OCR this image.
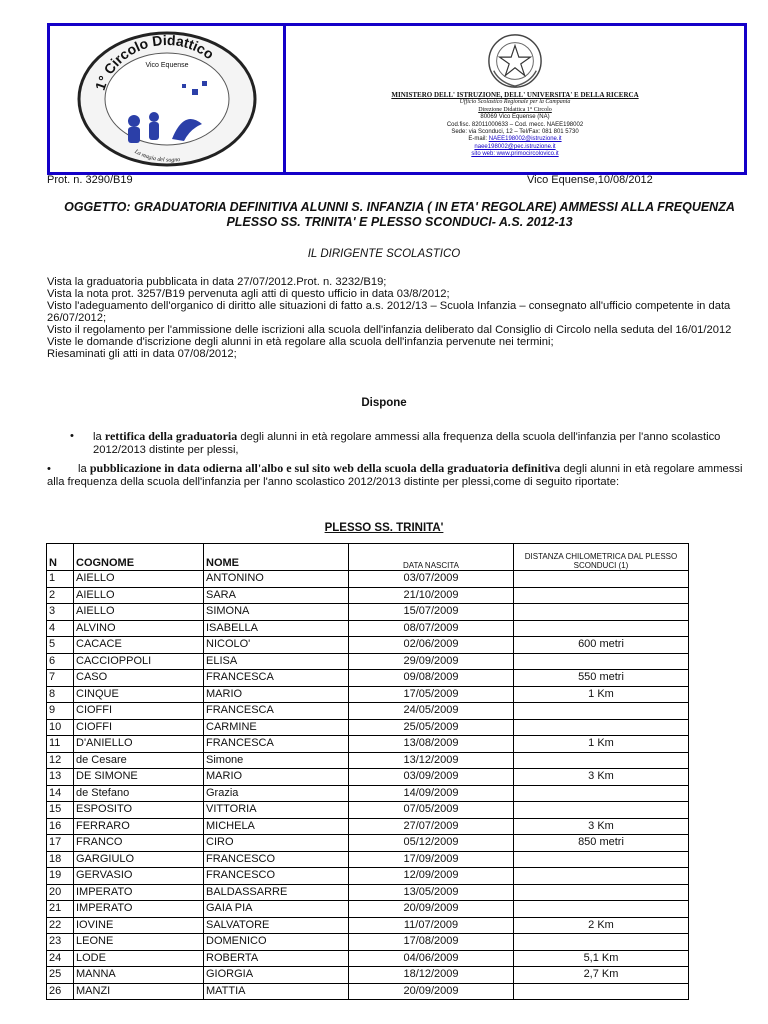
1° Circolo Didattico
Vico Equense
La magia del sogno
MINISTERO DELL' ISTRUZIONE, DELL' UNIVERSITA' E DELLA RICERCA
Ufficio Scolastico Regionale per la Campania
Direzione Didattica 1° Circolo
80069 Vico Equense (NA)
Cod.fisc. 82011000633 – Cod. mecc. NAEE198002
Sede: via Sconduci, 12 – Tel/Fax: 081 801 5730
E-mail: NAEE198002@istruzione.it
naee198002@pec.istruzione.it
sito web: www.primocircolovico.it
Prot. n. 3290/B19	Vico Equense,10/08/2012
OGGETTO: GRADUATORIA DEFINITIVA ALUNNI S. INFANZIA ( IN ETA' REGOLARE) AMMESSI ALLA FREQUENZA PLESSO SS. TRINITA' E PLESSO SCONDUCI- A.S. 2012-13
IL DIRIGENTE SCOLASTICO

Vista la graduatoria pubblicata in data 27/07/2012.Prot. n. 3232/B19;

Vista la nota prot. 3257/B19 pervenuta agli atti di questo ufficio in data 03/8/2012;

Visto l'adeguamento dell'organico di diritto alle situazioni di fatto a.s. 2012/13 – Scuola Infanzia – consegnato all'ufficio competente in data 26/07/2012;

Visto il regolamento per l'ammissione delle iscrizioni alla scuola dell'infanzia deliberato dal Consiglio di Circolo nella seduta del 16/01/2012

Viste le domande d'iscrizione degli alunni in età regolare alla scuola dell'infanzia pervenute nei termini;

Riesaminati gli atti in data 07/08/2012;

Dispone
• la rettifica della graduatoria degli alunni in età regolare ammessi alla frequenza della scuola dell'infanzia per l'anno scolastico 2012/2013 distinte per plessi,
• la pubblicazione in data odierna all'albo e sul sito web della scuola della graduatoria definitiva degli alunni in età regolare ammessi alla frequenza della scuola dell'infanzia per l'anno scolastico 2012/2013 distinte per plessi,come di seguito riportate:
PLESSO SS. TRINITA'
N	COGNOME	NOME	DATA NASCITA	DISTANZA CHILOMETRICA DAL PLESSO SCONDUCI (1)
1	AIELLO	ANTONINO	03/07/2009	
2	AIELLO	SARA	21/10/2009	
3	AIELLO	SIMONA	15/07/2009	
4	ALVINO	ISABELLA	08/07/2009	
5	CACACE	NICOLO'	02/06/2009	600 metri
6	CACCIOPPOLI	ELISA	29/09/2009	
7	CASO	FRANCESCA	09/08/2009	550 metri
8	CINQUE	MARIO	17/05/2009	1 Km
9	CIOFFI	FRANCESCA	24/05/2009	
10	CIOFFI	CARMINE	25/05/2009	
11	D'ANIELLO	FRANCESCA	13/08/2009	1 Km
12	de Cesare	Simone	13/12/2009	
13	DE SIMONE	MARIO	03/09/2009	3 Km
14	de Stefano	Grazia	14/09/2009	
15	ESPOSITO	VITTORIA	07/05/2009	
16	FERRARO	MICHELA	27/07/2009	3 Km
17	FRANCO	CIRO	05/12/2009	850 metri
18	GARGIULO	FRANCESCO	17/09/2009	
19	GERVASIO	FRANCESCO	12/09/2009	
20	IMPERATO	BALDASSARRE	13/05/2009	
21	IMPERATO	GAIA PIA	20/09/2009	
22	IOVINE	SALVATORE	11/07/2009	2 Km
23	LEONE	DOMENICO	17/08/2009	
24	LODE	ROBERTA	04/06/2009	5,1 Km
25	MANNA	GIORGIA	18/12/2009	2,7 Km
26	MANZI	MATTIA	20/09/2009	
